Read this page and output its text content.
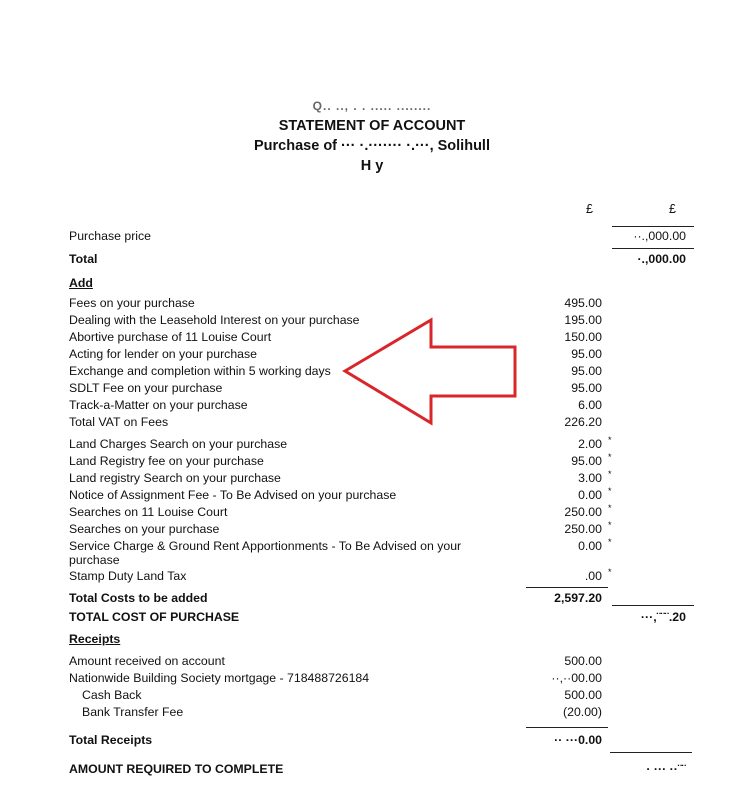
Q.. .., . . ..... ........
STATEMENT OF ACCOUNT
Purchase of ··· ·.······· ·.···, Solihull
H y
£	£
Purchase price	··.,000.00
Total	·.,000.00
Add
Fees on your purchase	495.00
Dealing with the Leasehold Interest on your purchase	195.00
Abortive purchase of 11 Louise Court	150.00
Acting for lender on your purchase	95.00
Exchange and completion within 5 working days	95.00
SDLT Fee on your purchase	95.00
Track-a-Matter on your purchase	6.00
Total VAT on Fees	226.20
Land Charges Search on your purchase	2.00 *
Land Registry fee on your purchase	95.00 *
Land registry Search on your purchase	3.00 *
Notice of Assignment Fee - To Be Advised on your purchase	0.00 *
Searches on 11 Louise Court	250.00 *
Searches on your purchase	250.00 *
Service Charge & Ground Rent Apportionments - To Be Advised on your purchase
0.00 *
Stamp Duty Land Tax	.00 *
Total Costs to be added	2,597.20
TOTAL COST OF PURCHASE	···,¨¨¨.20
Receipts
Amount received on account	500.00
Nationwide Building Society mortgage - 718488726184	··,··00.00
Cash Back	500.00
Bank Transfer Fee	(20.00)
Total Receipts	·· ···0.00
AMOUNT REQUIRED TO COMPLETE	· ··· ··¨¨
